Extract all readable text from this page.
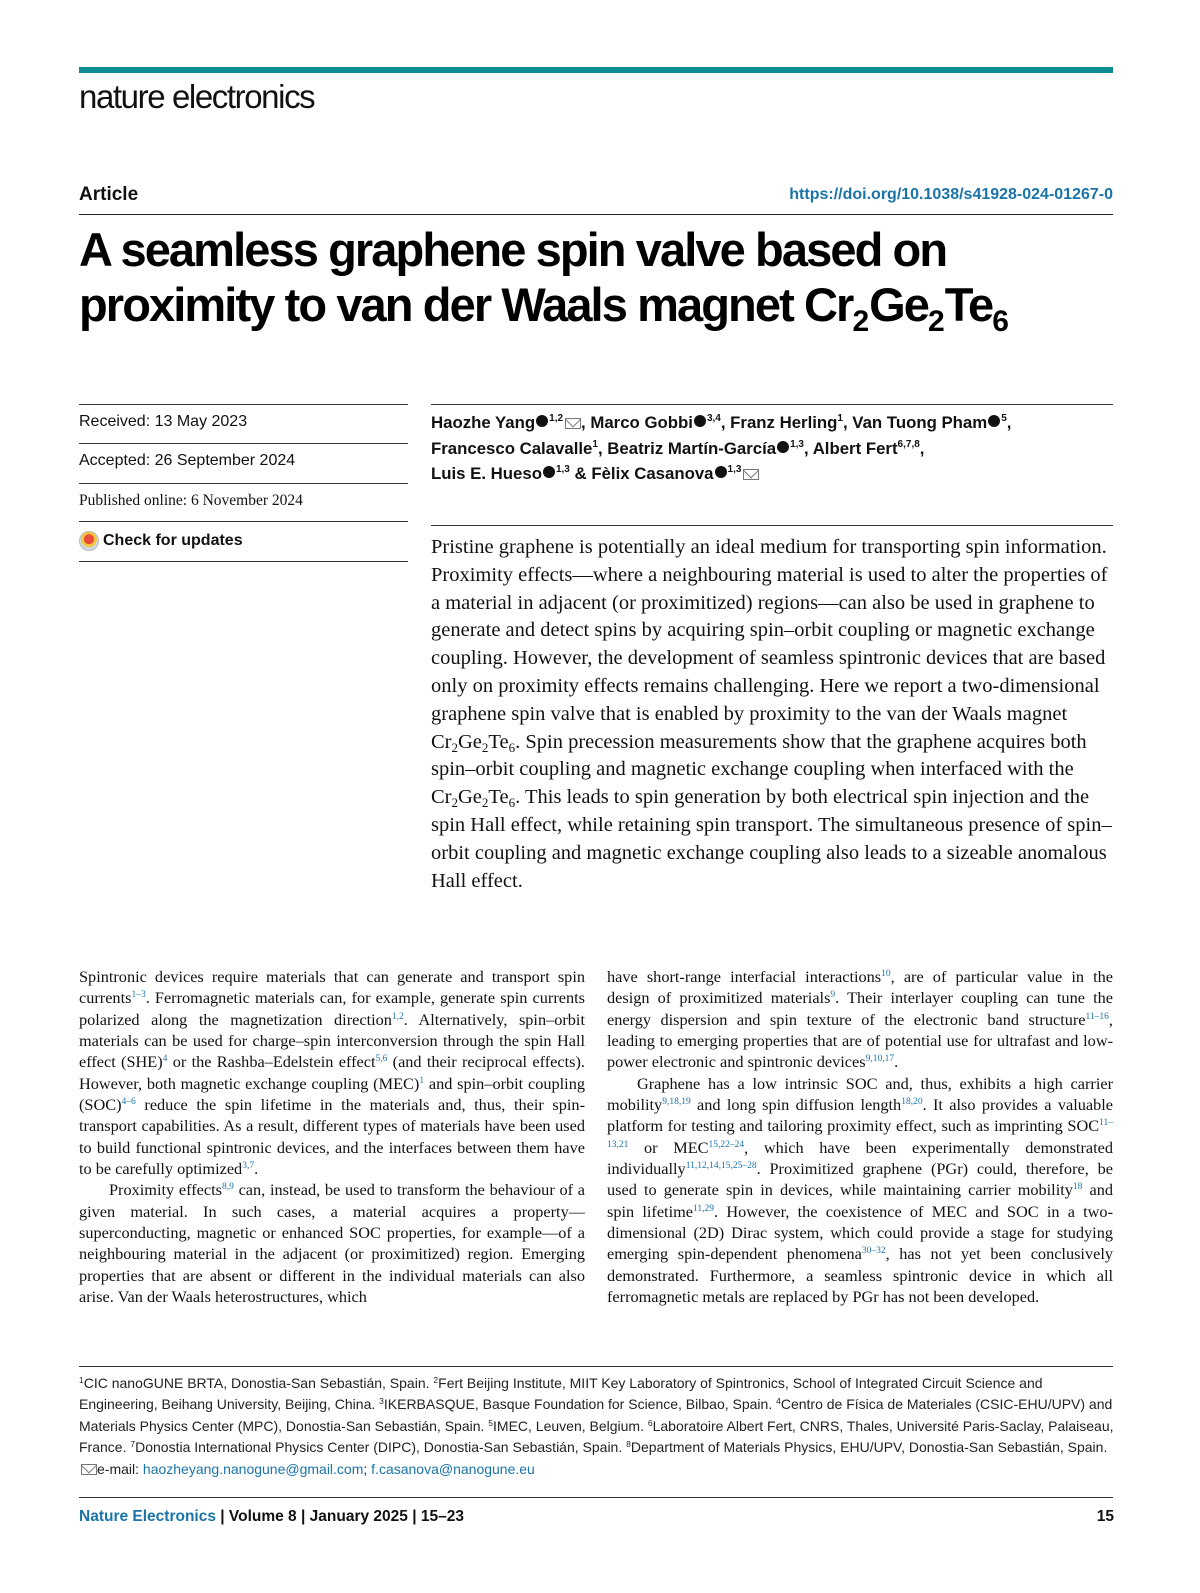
nature electronics
Article	https://doi.org/10.1038/s41928-024-01267-0
A seamless graphene spin valve based on
proximity to van der Waals magnet $Cr_2Ge_2Te_6$
Received: 13 May 2023
Accepted: 26 September 2024
Published online: 6 November 2024
Check for updates
Haozhe Yang $^{1,2}$ , Marco Gobbi $^{3,4}$, Franz Herling$^1$, Van Tuong Pham $^5$,
Francesco Calavalle$^1$, Beatriz Martín-García $^{1,3}$, Albert Fert$^{6,7,8}$,
Luis E. Hueso $^{1,3}$ & Fèlix Casanova $^{1,3}$

Pristine graphene is potentially an ideal medium for transporting spin information. Proximity effects—where a neighbouring material is used to alter the properties of a material in adjacent (or proximitized) regions—can also be used in graphene to generate and detect spins by acquiring spin–orbit coupling or magnetic exchange coupling. However, the development of seamless spintronic devices that are based only on proximity effects remains challenging. Here we report a two-dimensional graphene spin valve that is enabled by proximity to the van der Waals magnet $Cr_2Ge_2Te_6$. Spin precession measurements show that the graphene acquires both spin–orbit coupling and magnetic exchange coupling when interfaced with the $Cr_2Ge_2Te_6$. This leads to spin generation by both electrical spin injection and the spin Hall effect, while retaining spin transport. The simultaneous presence of spin–orbit coupling and magnetic exchange coupling also leads to a sizeable anomalous Hall effect.

Spintronic devices require materials that can generate and transport spin currents$^{1-3}$. Ferromagnetic materials can, for example, generate spin currents polarized along the magnetization direction$^{1,2}$. Alternatively, spin–orbit materials can be used for charge–spin interconversion through the spin Hall effect (SHE)$^4$ or the Rashba–Edelstein effect$^{5,6}$ (and their reciprocal effects). However, both magnetic exchange coupling (MEC)$^1$ and spin–orbit coupling (SOC)$^{4-6}$ reduce the spin lifetime in the materials and, thus, their spin-transport capabilities. As a result, different types of materials have been used to build functional spintronic devices, and the interfaces between them have to be carefully optimized$^{3,7}$.

Proximity effects$^{8,9}$ can, instead, be used to transform the behaviour of a given material. In such cases, a material acquires a property—superconducting, magnetic or enhanced SOC properties, for example—of a neighbouring material in the adjacent (or proximitized) region. Emerging properties that are absent or different in the individual materials can also arise. Van der Waals heterostructures, which

have short-range interfacial interactions$^{10}$, are of particular value in the design of proximitized materials$^9$. Their interlayer coupling can tune the energy dispersion and spin texture of the electronic band structure$^{11-16}$, leading to emerging properties that are of potential use for ultrafast and low-power electronic and spintronic devices$^{9,10,17}$.

Graphene has a low intrinsic SOC and, thus, exhibits a high carrier mobility$^{9,18,19}$ and long spin diffusion length$^{18,20}$. It also provides a valuable platform for testing and tailoring proximity effect, such as imprinting SOC$^{11-13,21}$ or MEC$^{15,22-24}$, which have been experimentally demonstrated individually$^{11,12,14,15,25-28}$. Proximitized graphene (PGr) could, therefore, be used to generate spin in devices, while maintaining carrier mobility$^{18}$ and spin lifetime$^{11,29}$. However, the coexistence of MEC and SOC in a two-dimensional (2D) Dirac system, which could provide a stage for studying emerging spin-dependent phenomena$^{30-32}$, has not yet been conclusively demonstrated. Furthermore, a seamless spintronic device in which all ferromagnetic metals are replaced by PGr has not been developed.

$^1$CIC nanoGUNE BRTA, Donostia-San Sebastián, Spain. $^2$Fert Beijing Institute, MIIT Key Laboratory of Spintronics, School of Integrated Circuit Science and Engineering, Beihang University, Beijing, China. $^3$IKERBASQUE, Basque Foundation for Science, Bilbao, Spain. $^4$Centro de Física de Materiales (CSIC-EHU/UPV) and Materials Physics Center (MPC), Donostia-San Sebastián, Spain. $^5$IMEC, Leuven, Belgium. $^6$Laboratoire Albert Fert, CNRS, Thales, Université Paris-Saclay, Palaiseau, France. $^7$Donostia International Physics Center (DIPC), Donostia-San Sebastián, Spain. $^8$Department of Materials Physics, EHU/UPV, Donostia-San Sebastián, Spain. e-mail: haozheyang.nanogune@gmail.com; f.casanova@nanogune.eu
Nature Electronics | Volume 8 | January 2025 | 15–23	15
